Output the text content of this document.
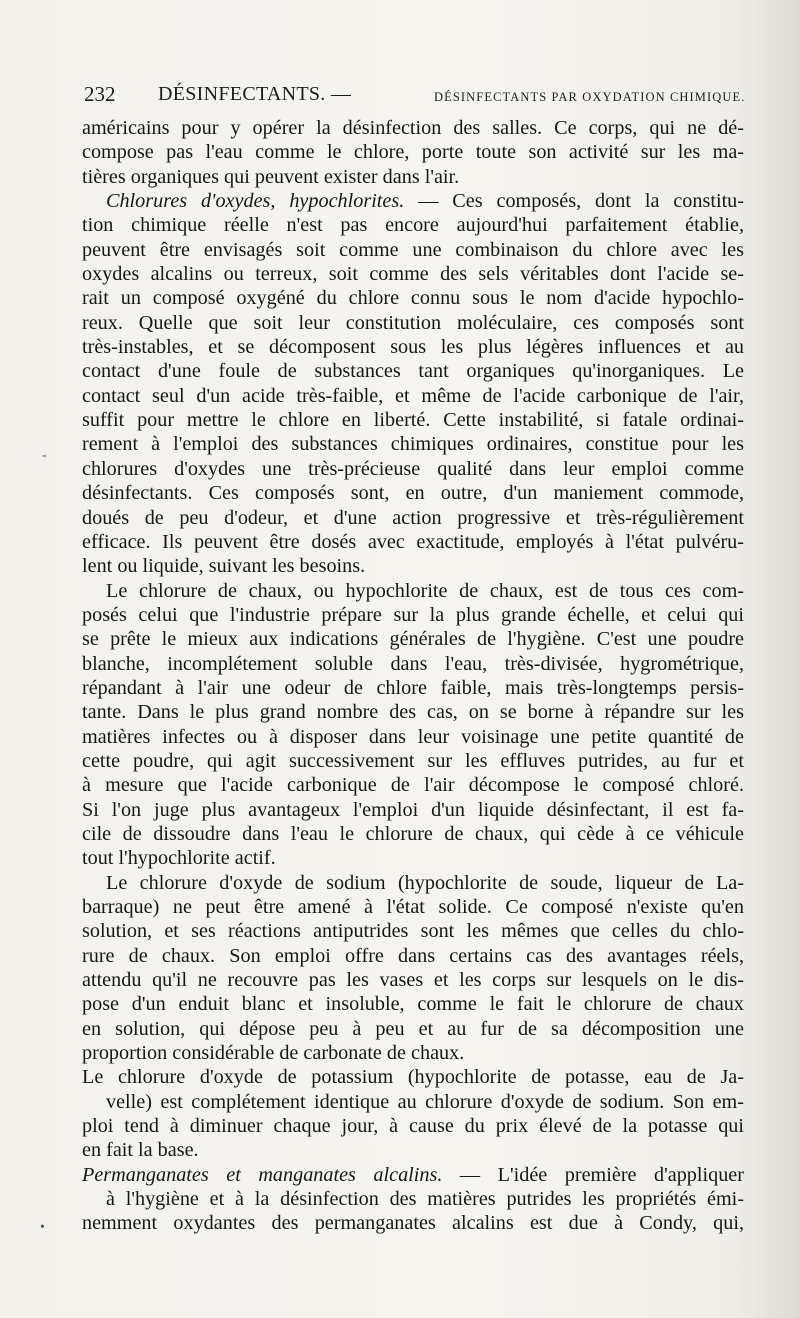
232 DÉSINFECTANTS. —	DÉSINFECTANTS PAR OXYDATION CHIMIQUE.
américains pour y opérer la désinfection des salles. Ce corps, qui ne dé-
compose pas l'eau comme le chlore, porte toute son activité sur les ma-
tières organiques qui peuvent exister dans l'air.
Chlorures d'oxydes, hypochlorites. — Ces composés, dont la constitu-
tion chimique réelle n'est pas encore aujourd'hui parfaitement établie,
peuvent être envisagés soit comme une combinaison du chlore avec les
oxydes alcalins ou terreux, soit comme des sels véritables dont l'acide se-
rait un composé oxygéné du chlore connu sous le nom d'acide hypochlo-
reux. Quelle que soit leur constitution moléculaire, ces composés sont
très-instables, et se décomposent sous les plus légères influences et au
contact d'une foule de substances tant organiques qu'inorganiques. Le
contact seul d'un acide très-faible, et même de l'acide carbonique de l'air,
suffit pour mettre le chlore en liberté. Cette instabilité, si fatale ordinai-
rement à l'emploi des substances chimiques ordinaires, constitue pour les
chlorures d'oxydes une très-précieuse qualité dans leur emploi comme
désinfectants. Ces composés sont, en outre, d'un maniement commode,
doués de peu d'odeur, et d'une action progressive et très-régulièrement
efficace. Ils peuvent être dosés avec exactitude, employés à l'état pulvéru-
lent ou liquide, suivant les besoins.
Le chlorure de chaux, ou hypochlorite de chaux, est de tous ces com-
posés celui que l'industrie prépare sur la plus grande échelle, et celui qui
se prête le mieux aux indications générales de l'hygiène. C'est une poudre
blanche, incomplétement soluble dans l'eau, très-divisée, hygrométrique,
répandant à l'air une odeur de chlore faible, mais très-longtemps persis-
tante. Dans le plus grand nombre des cas, on se borne à répandre sur les
matières infectes ou à disposer dans leur voisinage une petite quantité de
cette poudre, qui agit successivement sur les effluves putrides, au fur et
à mesure que l'acide carbonique de l'air décompose le composé chloré.
Si l'on juge plus avantageux l'emploi d'un liquide désinfectant, il est fa-
cile de dissoudre dans l'eau le chlorure de chaux, qui cède à ce véhicule
tout l'hypochlorite actif.
Le chlorure d'oxyde de sodium (hypochlorite de soude, liqueur de La-
barraque) ne peut être amené à l'état solide. Ce composé n'existe qu'en
solution, et ses réactions antiputrides sont les mêmes que celles du chlo-
rure de chaux. Son emploi offre dans certains cas des avantages réels,
attendu qu'il ne recouvre pas les vases et les corps sur lesquels on le dis-
pose d'un enduit blanc et insoluble, comme le fait le chlorure de chaux
en solution, qui dépose peu à peu et au fur de sa décomposition une
proportion considérable de carbonate de chaux.
Le chlorure d'oxyde de potassium (hypochlorite de potasse, eau de Ja-
velle) est complétement identique au chlorure d'oxyde de sodium. Son em-
ploi tend à diminuer chaque jour, à cause du prix élevé de la potasse qui
en fait la base.
Permanganates et manganates alcalins. — L'idée première d'appliquer
à l'hygiène et à la désinfection des matières putrides les propriétés émi-
nemment oxydantes des permanganates alcalins est due à Condy, qui,
-
•
